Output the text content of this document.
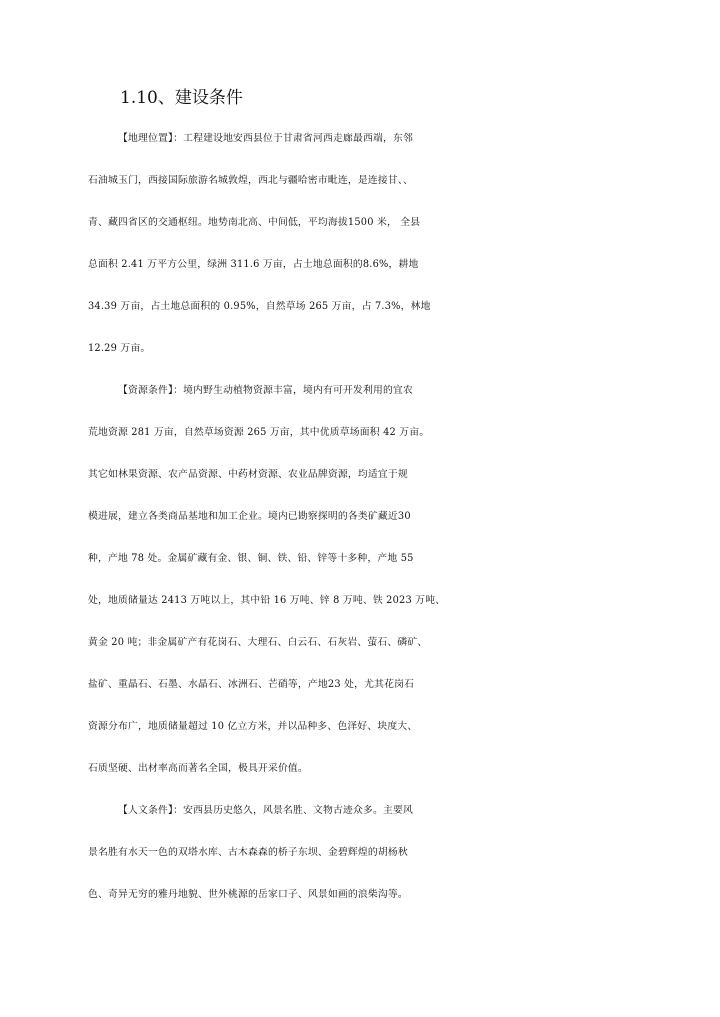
1.10、建设条件
【地理位置】：工程建设地安西县位于甘肃省河西走廊最西端，东邻
石油城玉门，西接国际旅游名城敦煌，西北与疆哈密市毗连，是连接甘、、
青、藏四省区的交通枢纽。地势南北高、中间低，平均海拔1500 米， 全县
总面积 2.41 万平方公里，绿洲 311.6 万亩，占土地总面积的8.6%，耕地
34.39 万亩，占土地总面积的 0.95%，自然草场 265 万亩，占 7.3%，林地
12.29 万亩。
【资源条件】：境内野生动植物资源丰富，境内有可开发利用的宜农
荒地资源 281 万亩，自然草场资源 265 万亩，其中优质草场面积 42 万亩。
其它如林果资源、农产品资源、中药材资源、农业品牌资源，均适宜于规
模进展，建立各类商品基地和加工企业。境内已勘察探明的各类矿藏近30
种，产地 78 处。金属矿藏有金、银、铜、铁、铅、锌等十多种，产地 55
处，地质储量达 2413 万吨以上，其中铅 16 万吨、锌 8 万吨、铁 2023 万吨、
黄金 20 吨；非金属矿产有花岗石、大理石、白云石、石灰岩、萤石、磷矿、
盐矿、重晶石、石墨、水晶石、冰洲石、芒硝等，产地23 处，尤其花岗石
资源分布广，地质储量超过 10 亿立方米，并以品种多、色泽好、块度大、
石质坚硬、出材率高而著名全国，极具开采价值。
【人文条件】：安西县历史悠久，风景名胜、文物古迹众多。主要风
景名胜有水天一色的双塔水库、古木森森的桥子东坝、金碧辉煌的胡杨秋
色、奇异无穷的雅丹地貌、世外桃源的岳家口子、风景如画的浪柴沟等。
